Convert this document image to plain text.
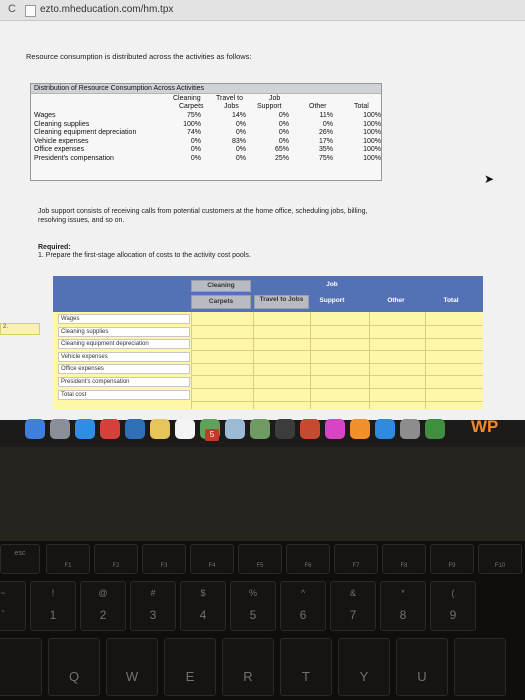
C ezto.mheducation.com/hm.tpx
Resource consumption is distributed across the activities as follows:
Distribution of Resource Consumption Across Activities
Cleaning Travel to	Job
Carpets	Jobs	Support	Other	Total
Wages	75%	14%	0%	11%	100%
Cleaning supplies	100%	0%	0%	0%	100%
Cleaning equipment depreciation	74%	0%	0%	26%	100%
Vehicle expenses	0%	83%	0%	17%	100%
Office expenses	0%	0%	65%	35%	100%
President's compensation	0%	0%	25%	75%	100%
Job support consists of receiving calls from potential customers at the home office, scheduling jobs, billing, resolving issues, and so on.
Required:
1. Prepare the first-stage allocation of costs to the activity cost pools.
Cleaning
Carpets	Travel to Jobs
Job
Support	Other	Total
Wages
Cleaning supplies
Cleaning equipment depreciation
Vehicle expenses
Office expenses
President's compensation
Total cost
2.
➤
5	WP
esc
F1	F2	F3	F4	F5	F6	F7	F8	F9	F10
~
`
!
1
@
2
#
3
$
4
%
5
^
6
&
7
*
8
(
9
Q	W	E	R	T	Y	U
